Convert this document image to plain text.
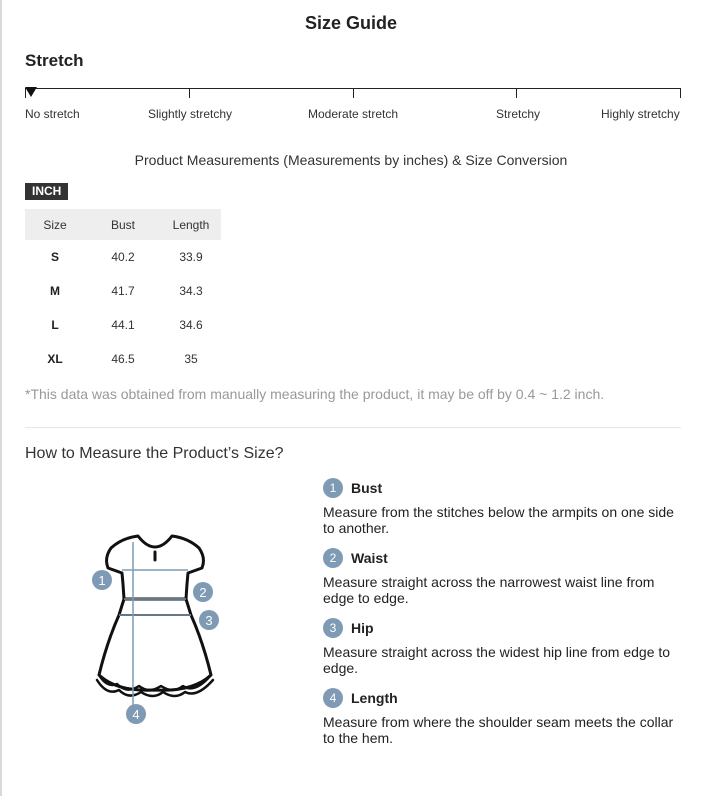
Size Guide
Stretch
No stretch	Slightly stretchy	Moderate stretch	Stretchy	Highly stretchy
Product Measurements (Measurements by inches) & Size Conversion
INCH
Size	Bust	Length
S	40.2	33.9
M	41.7	34.3
L	44.1	34.6
XL	46.5	35
*This data was obtained from manually measuring the product, it may be off by 0.4 ~ 1.2 inch.
How to Measure the Product’s Size?
1
2
3
4
1	Bust
Measure from the stitches below the armpits on one side to another.
2	Waist
Measure straight across the narrowest waist line from edge to edge.
3	Hip
Measure straight across the widest hip line from edge to edge.
4	Length
Measure from where the shoulder seam meets the collar to the hem.
